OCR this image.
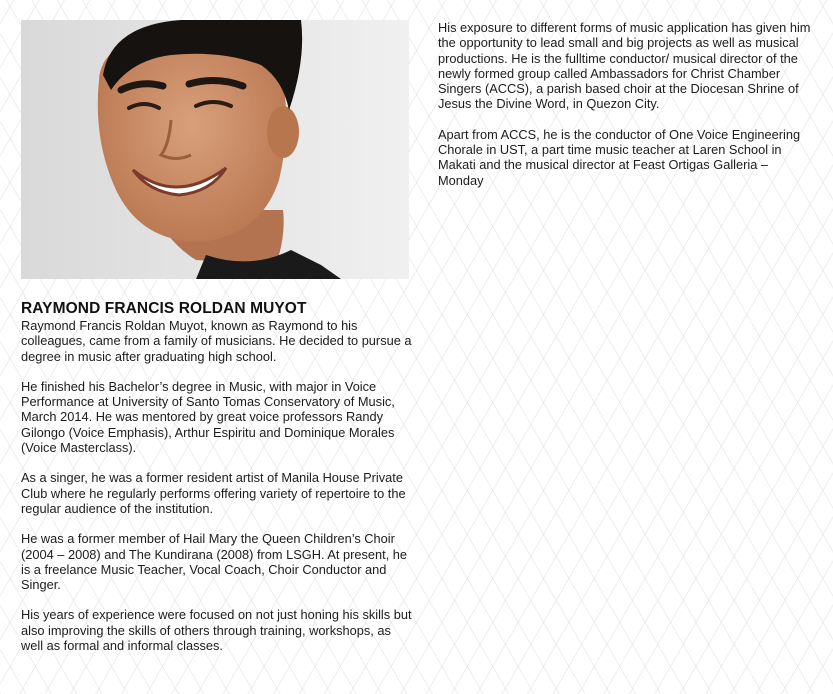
RAYMOND FRANCIS ROLDAN MUYOT

Raymond Francis Roldan Muyot, known as Raymond to his colleagues, came from a family of musicians. He decided to pursue a degree in music after graduating high school.

He finished his Bachelor’s degree in Music, with major in Voice Performance at University of Santo Tomas Conservatory of Music, March 2014. He was mentored by great voice professors Randy Gilongo (Voice Emphasis), Arthur Espiritu and Dominique Morales (Voice Masterclass).

As a singer, he was a former resident artist of Manila House Private Club where he regularly performs offering variety of repertoire to the regular audience of the institution.

He was a former member of Hail Mary the Queen Children’s Choir (2004 – 2008) and The Kundirana (2008) from LSGH. At present, he is a freelance Music Teacher, Vocal Coach, Choir Conductor and Singer.

His years of experience were focused on not just honing his skills but also improving the skills of others through training, workshops, as well as formal and informal classes.

His exposure to different forms of music application has given him the opportunity to lead small and big projects as well as musical productions. He is the fulltime conductor/ musical director of the newly formed group called Ambassadors for Christ Chamber Singers (ACCS), a parish based choir at the Diocesan Shrine of Jesus the Divine Word, in Quezon City.

Apart from ACCS, he is the conductor of One Voice Engineering Chorale in UST, a part time music teacher at Laren School in Makati and the musical director at Feast Ortigas Galleria – Monday
